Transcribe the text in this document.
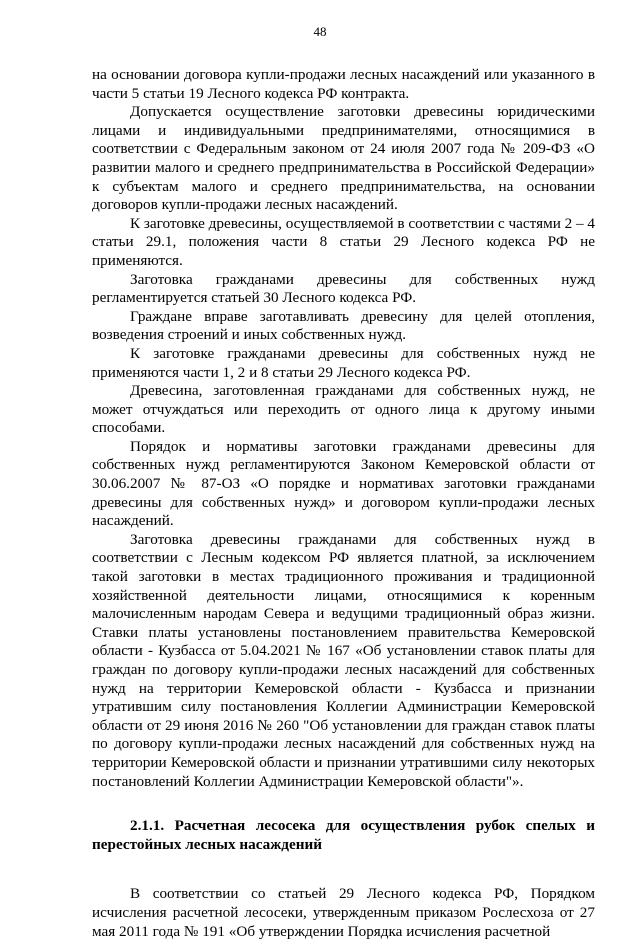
48

на основании договора купли-продажи лесных насаждений или указанного в части 5 статьи 19 Лесного кодекса РФ контракта.

Допускается осуществление заготовки древесины юридическими лицами и индивидуальными предпринимателями, относящимися в соответствии с Федеральным законом от 24 июля 2007 года № 209-ФЗ «О развитии малого и среднего предпринимательства в Российской Федерации» к субъектам малого и среднего предпринимательства, на основании договоров купли-продажи лесных насаждений.

К заготовке древесины, осуществляемой в соответствии с частями 2 – 4 статьи 29.1, положения части 8 статьи 29 Лесного кодекса РФ не применяются.

Заготовка гражданами древесины для собственных нужд регламентируется статьей 30 Лесного кодекса РФ.

Граждане вправе заготавливать древесину для целей отопления, возведения строений и иных собственных нужд.

К заготовке гражданами древесины для собственных нужд не применяются части 1, 2 и 8 статьи 29 Лесного кодекса РФ.

Древесина, заготовленная гражданами для собственных нужд, не может отчуждаться или переходить от одного лица к другому иными способами.

Порядок и нормативы заготовки гражданами древесины для собственных нужд регламентируются Законом Кемеровской области от 30.06.2007 № 87-ОЗ «О порядке и нормативах заготовки гражданами древесины для собственных нужд» и договором купли-продажи лесных насаждений.

Заготовка древесины гражданами для собственных нужд в соответствии с Лесным кодексом РФ является платной, за исключением такой заготовки в местах традиционного проживания и традиционной хозяйственной деятельности лицами, относящимися к коренным малочисленным народам Севера и ведущими традиционный образ жизни. Ставки платы установлены постановлением правительства Кемеровской области - Кузбасса от 5.04.2021 № 167 «Об установлении ставок платы для граждан по договору купли-продажи лесных насаждений для собственных нужд на территории Кемеровской области - Кузбасса и признании утратившим силу постановления Коллегии Администрации Кемеровской области от 29 июня 2016 № 260 "Об установлении для граждан ставок платы по договору купли-продажи лесных насаждений для собственных нужд на территории Кемеровской области и признании утратившими силу некоторых постановлений Коллегии Администрации Кемеровской области"».

2.1.1. Расчетная лесосека для осуществления рубок спелых и перестойных лесных насаждений

В соответствии со статьей 29 Лесного кодекса РФ, Порядком исчисления расчетной лесосеки, утвержденным приказом Рослесхоза от 27 мая 2011 года № 191 «Об утверждении Порядка исчисления расчетной
